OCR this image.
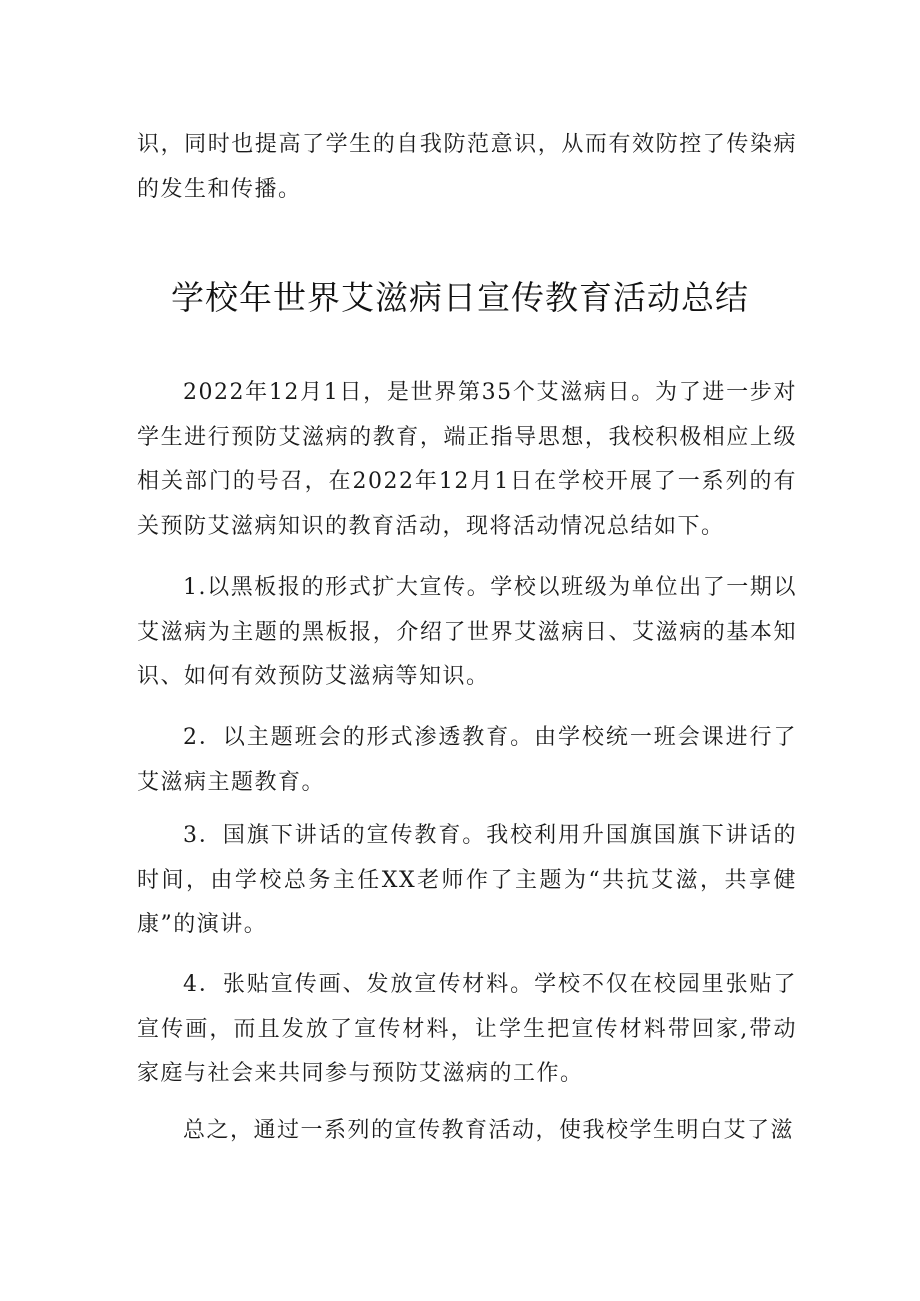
识，同时也提高了学生的自我防范意识，从而有效防控了传染病的发生和传播。

学校年世界艾滋病日宣传教育活动总结

2022年12月1日，是世界第35个艾滋病日。为了进一步对学生进行预防艾滋病的教育，端正指导思想，我校积极相应上级相关部门的号召，在2022年12月1日在学校开展了一系列的有关预防艾滋病知识的教育活动，现将活动情况总结如下。

1.以黑板报的形式扩大宣传。学校以班级为单位出了一期以艾滋病为主题的黑板报，介绍了世界艾滋病日、艾滋病的基本知识、如何有效预防艾滋病等知识。

2．以主题班会的形式渗透教育。由学校统一班会课进行了艾滋病主题教育。

3．国旗下讲话的宣传教育。我校利用升国旗国旗下讲话的时间，由学校总务主任XX老师作了主题为“共抗艾滋，共享健康”的演讲。

4．张贴宣传画、发放宣传材料。学校不仅在校园里张贴了宣传画，而且发放了宣传材料，让学生把宣传材料带回家,带动家庭与社会来共同参与预防艾滋病的工作。

总之，通过一系列的宣传教育活动，使我校学生明白艾了滋
